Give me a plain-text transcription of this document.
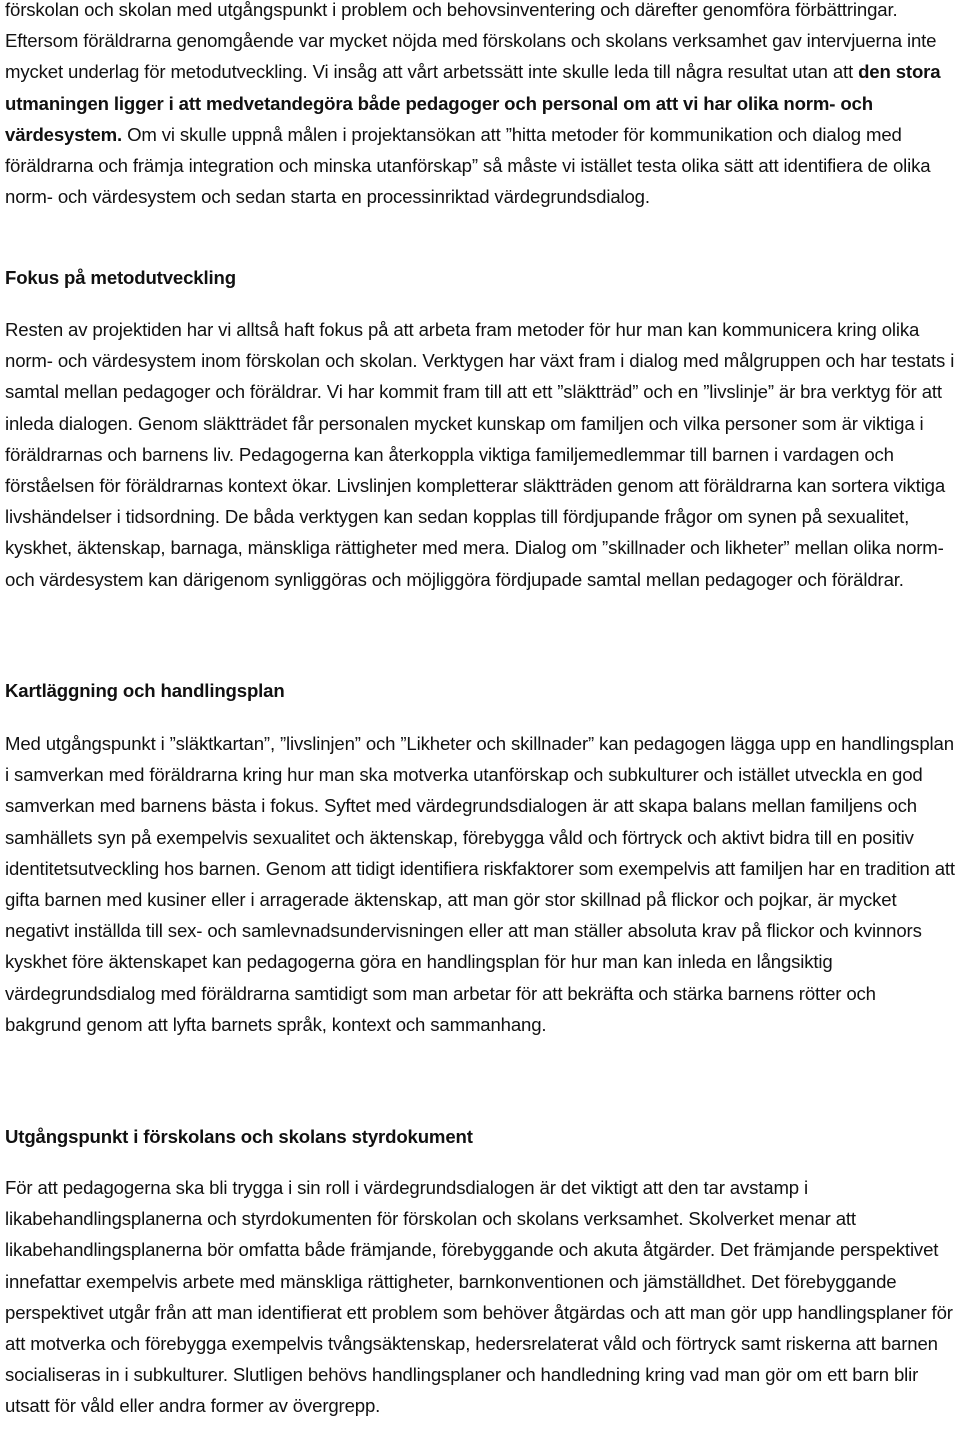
förskolan och skolan med utgångspunkt i problem och behovsinventering och därefter genomföra förbättringar. Eftersom föräldrarna genomgående var mycket nöjda med förskolans och skolans verksamhet gav intervjuerna inte mycket underlag för metodutveckling. Vi insåg att vårt arbetssätt inte skulle leda till några resultat utan att den stora utmaningen ligger i att medvetandegöra både pedagoger och personal om att vi har olika norm- och värdesystem. Om vi skulle uppnå målen i projektansökan att ”hitta metoder för kommunikation och dialog med föräldrarna och främja integration och minska utanförskap” så måste vi istället testa olika sätt att identifiera de olika norm- och värdesystem och sedan starta en processinriktad värdegrundsdialog.

Fokus på metodutveckling

Resten av projektiden har vi alltså haft fokus på att arbeta fram metoder för hur man kan kommunicera kring olika norm- och värdesystem inom förskolan och skolan. Verktygen har växt fram i dialog med målgruppen och har testats i samtal mellan pedagoger och föräldrar. Vi har kommit fram till att ett ”släktträd” och en ”livslinje” är bra verktyg för att inleda dialogen. Genom släktträdet får personalen mycket kunskap om familjen och vilka personer som är viktiga i föräldrarnas och barnens liv. Pedagogerna kan återkoppla viktiga familjemedlemmar till barnen i vardagen och förståelsen för föräldrarnas kontext ökar. Livslinjen kompletterar släktträden genom att föräldrarna kan sortera viktiga livshändelser i tidsordning. De båda verktygen kan sedan kopplas till fördjupande frågor om synen på sexualitet, kyskhet, äktenskap, barnaga, mänskliga rättigheter med mera. Dialog om ”skillnader och likheter” mellan olika norm- och värdesystem kan därigenom synliggöras och möjliggöra fördjupade samtal mellan pedagoger och föräldrar.

Kartläggning och handlingsplan

Med utgångspunkt i ”släktkartan”, ”livslinjen” och ”Likheter och skillnader” kan pedagogen lägga upp en handlingsplan i samverkan med föräldrarna kring hur man ska motverka utanförskap och subkulturer och istället utveckla en god samverkan med barnens bästa i fokus. Syftet med värdegrundsdialogen är att skapa balans mellan familjens och samhällets syn på exempelvis sexualitet och äktenskap, förebygga våld och förtryck och aktivt bidra till en positiv identitetsutveckling hos barnen. Genom att tidigt identifiera riskfaktorer som exempelvis att familjen har en tradition att gifta barnen med kusiner eller i arragerade äktenskap, att man gör stor skillnad på flickor och pojkar, är mycket negativt inställda till sex- och samlevnadsundervisningen eller att man ställer absoluta krav på flickor och kvinnors kyskhet före äktenskapet kan pedagogerna göra en handlingsplan för hur man kan inleda en långsiktig värdegrundsdialog med föräldrarna samtidigt som man arbetar för att bekräfta och stärka barnens rötter och bakgrund genom att lyfta barnets språk, kontext och sammanhang.

Utgångspunkt i förskolans och skolans styrdokument

För att pedagogerna ska bli trygga i sin roll i värdegrundsdialogen är det viktigt att den tar avstamp i likabehandlingsplanerna och styrdokumenten för förskolan och skolans verksamhet. Skolverket menar att likabehandlingsplanerna bör omfatta både främjande, förebyggande och akuta åtgärder. Det främjande perspektivet innefattar exempelvis arbete med mänskliga rättigheter, barnkonventionen och jämställdhet. Det förebyggande perspektivet utgår från att man identifierat ett problem som behöver åtgärdas och att man gör upp handlingsplaner för att motverka och förebygga exempelvis tvångsäktenskap, hedersrelaterat våld och förtryck samt riskerna att barnen socialiseras in i subkulturer. Slutligen behövs handlingsplaner och handledning kring vad man gör om ett barn blir utsatt för våld eller andra former av övergrepp.
